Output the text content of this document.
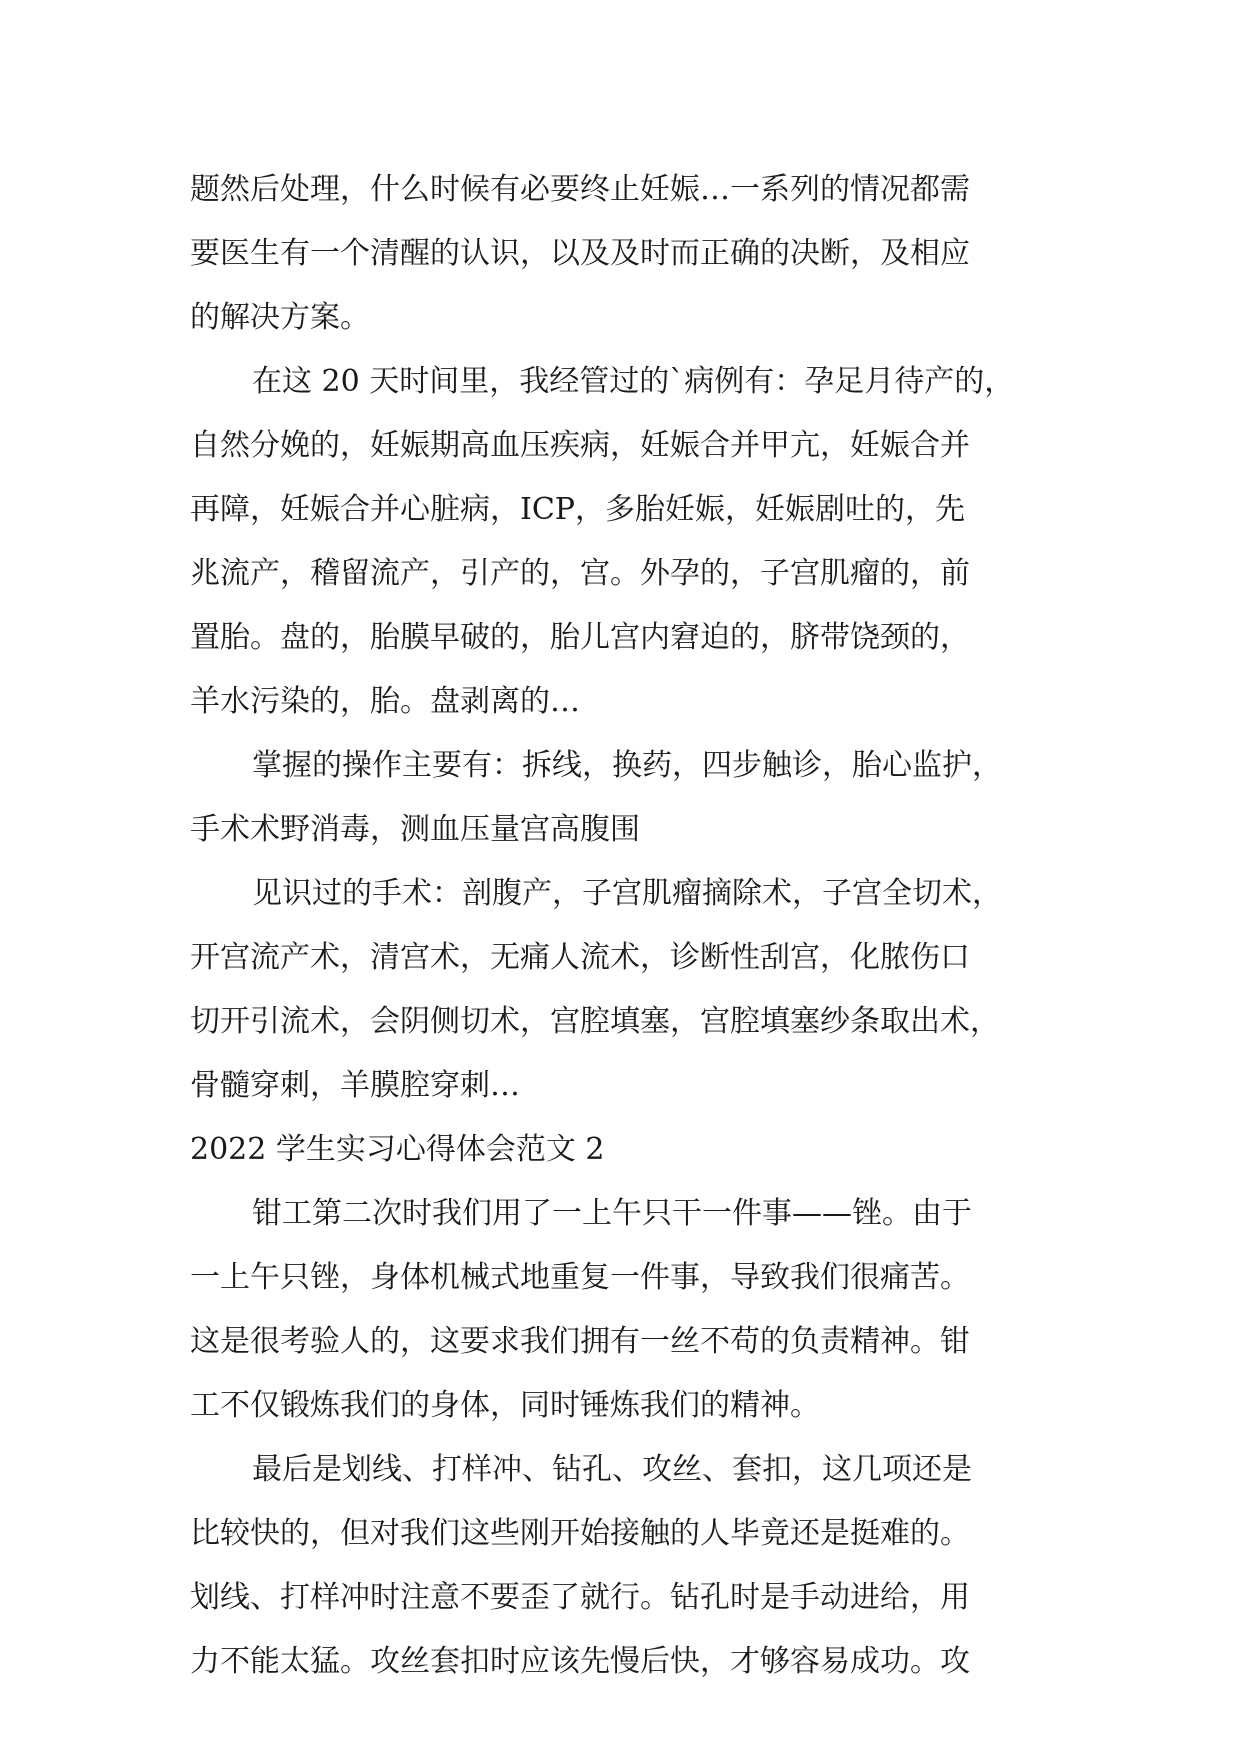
题然后处理，什么时候有必要终止妊娠…一系列的情况都需
要医生有一个清醒的认识，以及及时而正确的决断，及相应
的解决方案。
在这 20 天时间里，我经管过的`病例有：孕足月待产的，
自然分娩的，妊娠期高血压疾病，妊娠合并甲亢，妊娠合并
再障，妊娠合并心脏病，ICP，多胎妊娠，妊娠剧吐的，先
兆流产，稽留流产，引产的，宫。外孕的，子宫肌瘤的，前
置胎。盘的，胎膜早破的，胎儿宫内窘迫的，脐带饶颈的，
羊水污染的，胎。盘剥离的…
掌握的操作主要有：拆线，换药，四步触诊，胎心监护，
手术术野消毒，测血压量宫高腹围
见识过的手术：剖腹产，子宫肌瘤摘除术，子宫全切术，
开宫流产术，清宫术，无痛人流术，诊断性刮宫，化脓伤口
切开引流术，会阴侧切术，宫腔填塞，宫腔填塞纱条取出术，
骨髓穿刺，羊膜腔穿刺…
2022 学生实习心得体会范文 2
钳工第二次时我们用了一上午只干一件事——锉。由于
一上午只锉，身体机械式地重复一件事，导致我们很痛苦。
这是很考验人的，这要求我们拥有一丝不苟的负责精神。钳
工不仅锻炼我们的身体，同时锤炼我们的精神。
最后是划线、打样冲、钻孔、攻丝、套扣，这几项还是
比较快的，但对我们这些刚开始接触的人毕竟还是挺难的。
划线、打样冲时注意不要歪了就行。钻孔时是手动进给，用
力不能太猛。攻丝套扣时应该先慢后快，才够容易成功。攻
